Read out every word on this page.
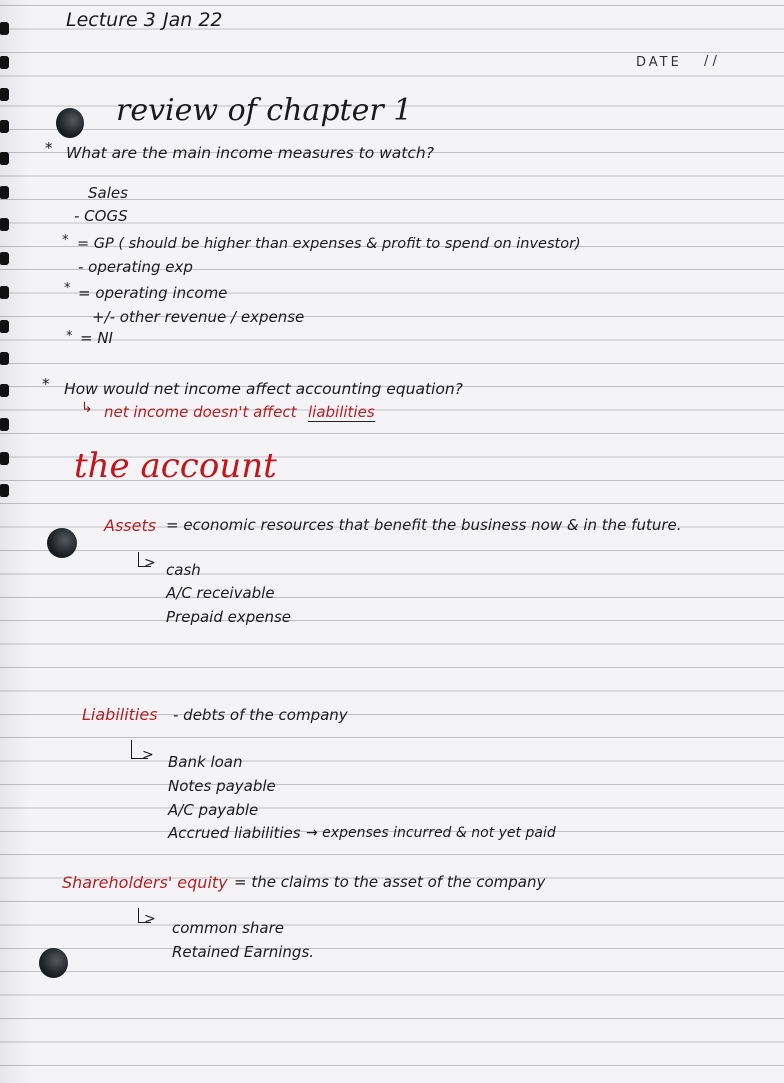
Lecture 3 Jan 22
DATE / /
review of chapter 1
* What are the main income measures to watch?
Sales
- COGS
* = GP ( should be higher than expenses & profit to spend on investor)
- operating exp
* = operating income
+/- other revenue / expense
* = NI
* How would net income affect accounting equation?
↳ net income doesn't affect liabilities
the account
Assets = economic resources that benefit the business now & in the future.
> cash
A/C receivable
Prepaid expense
Liabilities - debts of the company
> Bank loan
Notes payable
A/C payable
Accrued liabilities → expenses incurred & not yet paid
Shareholders' equity = the claims to the asset of the company
> common share
Retained Earnings.
